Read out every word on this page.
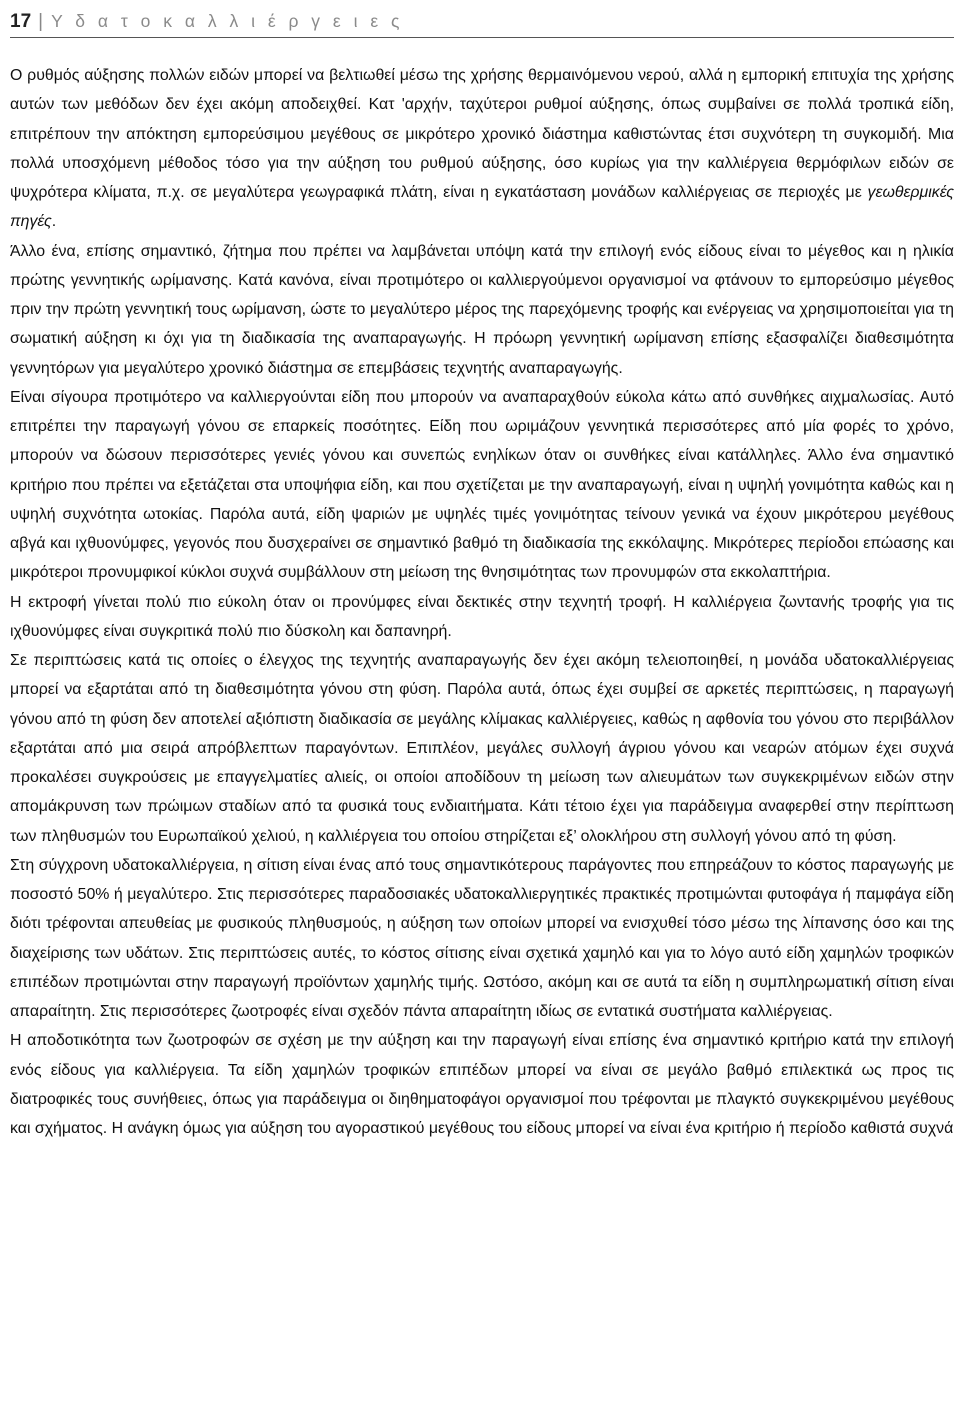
17 | Υ δ α τ ο κ α λ λ ι έ ρ γ ε ι ε ς

Ο ρυθμός αύξησης πολλών ειδών μπορεί να βελτιωθεί μέσω της χρήσης θερμαινόμενου νερού, αλλά η εμπορική επιτυχία της χρήσης αυτών των μεθόδων δεν έχει ακόμη αποδειχθεί. Κατ 'αρχήν, ταχύτεροι ρυθμοί αύξησης, όπως συμβαίνει σε πολλά τροπικά είδη, επιτρέπουν την απόκτηση εμπορεύσιμου μεγέθους σε μικρότερο χρονικό διάστημα καθιστώντας έτσι συχνότερη τη συγκομιδή. Μια πολλά υποσχόμενη μέθοδος τόσο για την αύξηση του ρυθμού αύξησης, όσο κυρίως για την καλλιέργεια θερμόφιλων ειδών σε ψυχρότερα κλίματα, π.χ. σε μεγαλύτερα γεωγραφικά πλάτη, είναι η εγκατάσταση μονάδων καλλιέργειας σε περιοχές με γεωθερμικές πηγές.

Άλλο ένα, επίσης σημαντικό, ζήτημα που πρέπει να λαμβάνεται υπόψη κατά την επιλογή ενός είδους είναι το μέγεθος και η ηλικία πρώτης γεννητικής ωρίμανσης. Κατά κανόνα, είναι προτιμότερο οι καλλιεργούμενοι οργανισμοί να φτάνουν το εμπορεύσιμο μέγεθος πριν την πρώτη γεννητική τους ωρίμανση, ώστε το μεγαλύτερο μέρος της παρεχόμενης τροφής και ενέργειας να χρησιμοποιείται για τη σωματική αύξηση κι όχι για τη διαδικασία της αναπαραγωγής. Η πρόωρη γεννητική ωρίμανση επίσης εξασφαλίζει διαθεσιμότητα γεννητόρων για μεγαλύτερο χρονικό διάστημα σε επεμβάσεις τεχνητής αναπαραγωγής.

Είναι σίγουρα προτιμότερο να καλλιεργούνται είδη που μπορούν να αναπαραχθούν εύκολα κάτω από συνθήκες αιχμαλωσίας. Αυτό επιτρέπει την παραγωγή γόνου σε επαρκείς ποσότητες. Είδη που ωριμάζουν γεννητικά περισσότερες από μία φορές το χρόνο, μπορούν να δώσουν περισσότερες γενιές γόνου και συνεπώς ενηλίκων όταν οι συνθήκες είναι κατάλληλες. Άλλο ένα σημαντικό κριτήριο που πρέπει να εξετάζεται στα υποψήφια είδη, και που σχετίζεται με την αναπαραγωγή, είναι η υψηλή γονιμότητα καθώς και η υψηλή συχνότητα ωτοκίας. Παρόλα αυτά, είδη ψαριών με υψηλές τιμές γονιμότητας τείνουν γενικά να έχουν μικρότερου μεγέθους αβγά και ιχθυονύμφες, γεγονός που δυσχεραίνει σε σημαντικό βαθμό τη διαδικασία της εκκόλαψης. Μικρότερες περίοδοι επώασης και μικρότεροι προνυμφικοί κύκλοι συχνά συμβάλλουν στη μείωση της θνησιμότητας των προνυμφών στα εκκολαπτήρια.

Η εκτροφή γίνεται πολύ πιο εύκολη όταν οι προνύμφες είναι δεκτικές στην τεχνητή τροφή. Η καλλιέργεια ζωντανής τροφής για τις ιχθυονύμφες είναι συγκριτικά πολύ πιο δύσκολη και δαπανηρή.

Σε περιπτώσεις κατά τις οποίες ο έλεγχος της τεχνητής αναπαραγωγής δεν έχει ακόμη τελειοποιηθεί, η μονάδα υδατοκαλλιέργειας μπορεί να εξαρτάται από τη διαθεσιμότητα γόνου στη φύση. Παρόλα αυτά, όπως έχει συμβεί σε αρκετές περιπτώσεις, η παραγωγή γόνου από τη φύση δεν αποτελεί αξιόπιστη διαδικασία σε μεγάλης κλίμακας καλλιέργειες, καθώς η αφθονία του γόνου στο περιβάλλον εξαρτάται από μια σειρά απρόβλεπτων παραγόντων. Επιπλέον, μεγάλες συλλογή άγριου γόνου και νεαρών ατόμων έχει συχνά προκαλέσει συγκρούσεις με επαγγελματίες αλιείς, οι οποίοι αποδίδουν τη μείωση των αλιευμάτων των συγκεκριμένων ειδών στην απομάκρυνση των πρώιμων σταδίων από τα φυσικά τους ενδιαιτήματα. Κάτι τέτοιο έχει για παράδειγμα αναφερθεί στην περίπτωση των πληθυσμών του Ευρωπαϊκού χελιού, η καλλιέργεια του οποίου στηρίζεται εξ’ ολοκλήρου στη συλλογή γόνου από τη φύση.

Στη σύγχρονη υδατοκαλλιέργεια, η σίτιση είναι ένας από τους σημαντικότερους παράγοντες που επηρεάζουν το κόστος παραγωγής με ποσοστό 50% ή μεγαλύτερο. Στις περισσότερες παραδοσιακές υδατοκαλλιεργητικές πρακτικές προτιμώνται φυτοφάγα ή παμφάγα είδη διότι τρέφονται απευθείας με φυσικούς πληθυσμούς, η αύξηση των οποίων μπορεί να ενισχυθεί τόσο μέσω της λίπανσης όσο και της διαχείρισης των υδάτων. Στις περιπτώσεις αυτές, το κόστος σίτισης είναι σχετικά χαμηλό και για το λόγο αυτό είδη χαμηλών τροφικών επιπέδων προτιμώνται στην παραγωγή προϊόντων χαμηλής τιμής. Ωστόσο, ακόμη και σε αυτά τα είδη η συμπληρωματική σίτιση είναι απαραίτητη. Στις περισσότερες ζωοτροφές είναι σχεδόν πάντα απαραίτητη ιδίως σε εντατικά συστήματα καλλιέργειας.

Η αποδοτικότητα των ζωοτροφών σε σχέση με την αύξηση και την παραγωγή είναι επίσης ένα σημαντικό κριτήριο κατά την επιλογή ενός είδους για καλλιέργεια. Τα είδη χαμηλών τροφικών επιπέδων μπορεί να είναι σε μεγάλο βαθμό επιλεκτικά ως προς τις διατροφικές τους συνήθειες, όπως για παράδειγμα οι διηθηματοφάγοι οργανισμοί που τρέφονται με πλαγκτό συγκεκριμένου μεγέθους και σχήματος. Η ανάγκη όμως για αύξηση του αγοραστικού μεγέθους του είδους μπορεί να είναι ένα κριτήριο ή περίοδο καθιστά συχνά
